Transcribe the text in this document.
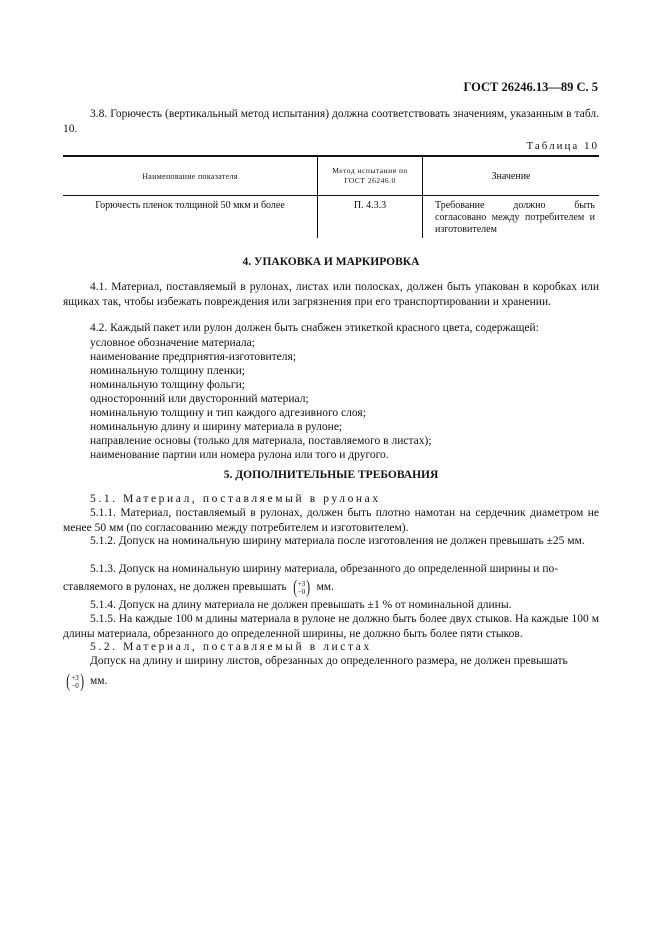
ГОСТ 26246.13—89 С. 5
3.8. Горючесть (вертикальный метод испытания) должна соответствовать значениям, указанным в табл. 10.
Таблица 10
Наименование показателя	Метод испытания по ГОСТ 26246.0	Значение
Горючесть пленок толщиной 50 мкм и более	П. 4.3.3	Требование должно быть согласовано между потребителем и изготовителем
4. УПАКОВКА И МАРКИРОВКА
4.1. Материал, поставляемый в рулонах, листах или полосках, должен быть упакован в коробках или ящиках так, чтобы избежать повреждения или загрязнения при его транспортировании и хранении.
4.2. Каждый пакет или рулон должен быть снабжен этикеткой красного цвета, содержащей:
условное обозначение материала;
наименование предприятия-изготовителя;
номинальную толщину пленки;
номинальную толщину фольги;
односторонний или двусторонний материал;
номинальную толщину и тип каждого адгезивного слоя;
номинальную длину и ширину материала в рулоне;
направление основы (только для материала, поставляемого в листах);
наименование партии или номера рулона или того и другого.
5. ДОПОЛНИТЕЛЬНЫЕ ТРЕБОВАНИЯ
5.1. Материал, поставляемый в рулонах
5.1.1. Материал, поставляемый в рулонах, должен быть плотно намотан на сердечник диаметром не менее 50 мм (по согласованию между потребителем и изготовителем).
5.1.2. Допуск на номинальную ширину материала после изготовления не должен превышать ±25 мм.
5.1.3. Допуск на номинальную ширину материала, обрезанного до определенной ширины и по-
ставляемого в рулонах, не должен превышать ( +3
−0 ) мм.
5.1.4. Допуск на длину материала не должен превышать ±1 % от номинальной длины.
5.1.5. На каждые 100 м длины материала в рулоне не должно быть более двух стыков. На каждые 100 м длины материала, обрезанного до определенной ширины, не должно быть более пяти стыков.
5.2. Материал, поставляемый в листах
Допуск на длину и ширину листов, обрезанных до определенного размера, не должен превышать
( +3
−0 ) мм.
